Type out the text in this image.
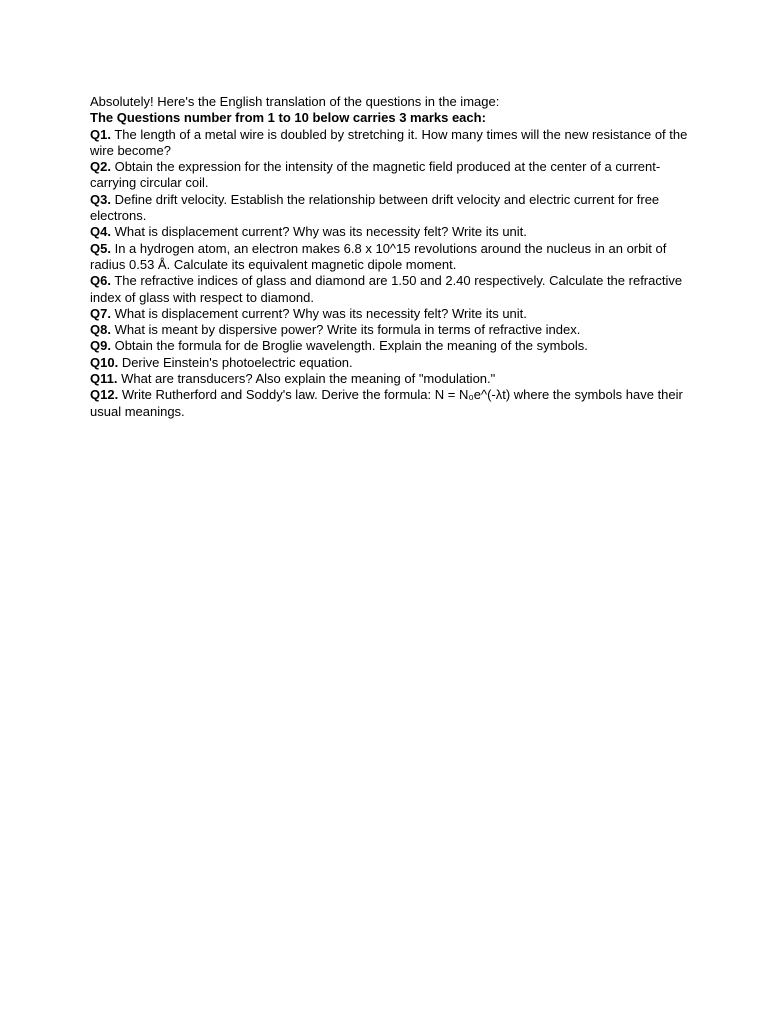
Absolutely! Here's the English translation of the questions in the image:

The Questions number from 1 to 10 below carries 3 marks each:

Q1. The length of a metal wire is doubled by stretching it. How many times will the new resistance of the wire become?

Q2. Obtain the expression for the intensity of the magnetic field produced at the center of a current-carrying circular coil.

Q3. Define drift velocity. Establish the relationship between drift velocity and electric current for free electrons.

Q4. What is displacement current? Why was its necessity felt? Write its unit.

Q5. In a hydrogen atom, an electron makes 6.8 x 10^15 revolutions around the nucleus in an orbit of radius 0.53 Å. Calculate its equivalent magnetic dipole moment.

Q6. The refractive indices of glass and diamond are 1.50 and 2.40 respectively. Calculate the refractive index of glass with respect to diamond.

Q7. What is displacement current? Why was its necessity felt? Write its unit.

Q8. What is meant by dispersive power? Write its formula in terms of refractive index.

Q9. Obtain the formula for de Broglie wavelength. Explain the meaning of the symbols.

Q10. Derive Einstein's photoelectric equation.

Q11. What are transducers? Also explain the meaning of "modulation."

Q12. Write Rutherford and Soddy's law. Derive the formula: N = N₀e^(-λt) where the symbols have their usual meanings.
